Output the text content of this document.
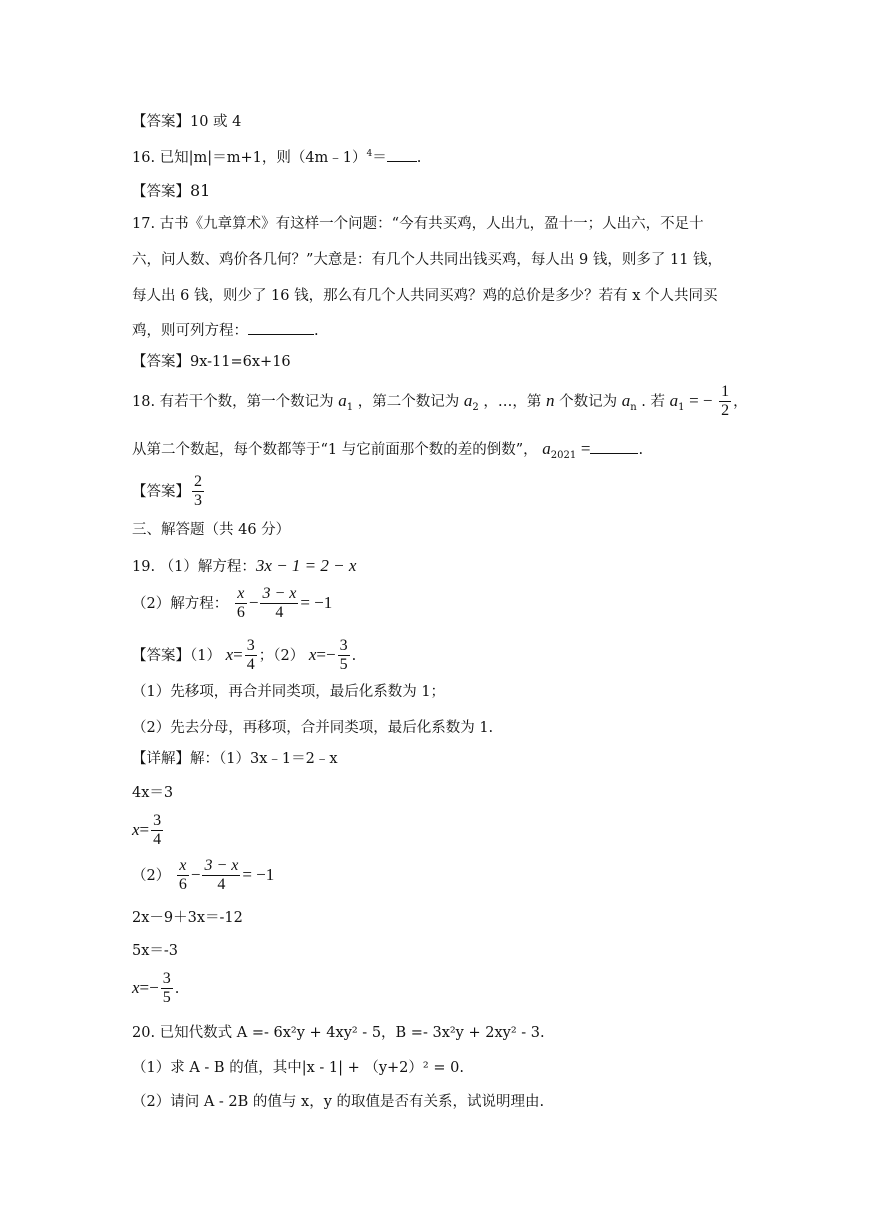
【答案】10 或 4
16. 已知|m|＝m+1，则（4m﹣1）$^4$＝ .
【答案】81
17. 古书《九章算术》有这样一个问题：“今有共买鸡，人出九，盈十一；人出六，不足十
六，问人数、鸡价各几何？”大意是：有几个人共同出钱买鸡，每人出 9 钱，则多了 11 钱，
每人出 6 钱，则少了 16 钱，那么有几个人共同买鸡？鸡的总价是多少？若有 x 个人共同买
鸡，则可列方程：	.
【答案】9x-11=6x+16
18. 有若干个数，第一个数记为 $a_1$ ，第二个数记为 $a_2$ ，…，第 n 个数记为 $a_n$ . 若 $a_1$ = − $\frac{1}{2}$ ，
从第二个数起，每个数都等于“1 与它前面那个数的差的倒数”， $a_{2021}$ =	.
【答案】 $\frac{2}{3}$
三、解答题（共 46 分）
19. （1）解方程：3x − 1 = 2 − x
（2）解方程： $\frac{x}{6} - \frac{3 - x}{4} = -1$
【答案】（1） $x= \frac{3}{4}$ ；（2） $x=- \frac{3}{5}$ .
（1）先移项，再合并同类项，最后化系数为 1；
（2）先去分母，再移项，合并同类项，最后化系数为 1.
【详解】解：（1）3x﹣1＝2﹣x
4x＝3
$x= \frac{3}{4}$
$(2) \frac{x}{6} - \frac{3 - x}{4} = -1$
2x－9＋3x＝-12
5x＝-3
$x=- \frac{3}{5}$ .
20. 已知代数式 A =- 6x²y + 4xy² - 5，B =- 3x²y + 2xy² - 3.
（1）求 A - B 的值，其中|x - 1| + （y+2）² = 0.
（2）请问 A - 2B 的值与 x，y 的取值是否有关系，试说明理由.
